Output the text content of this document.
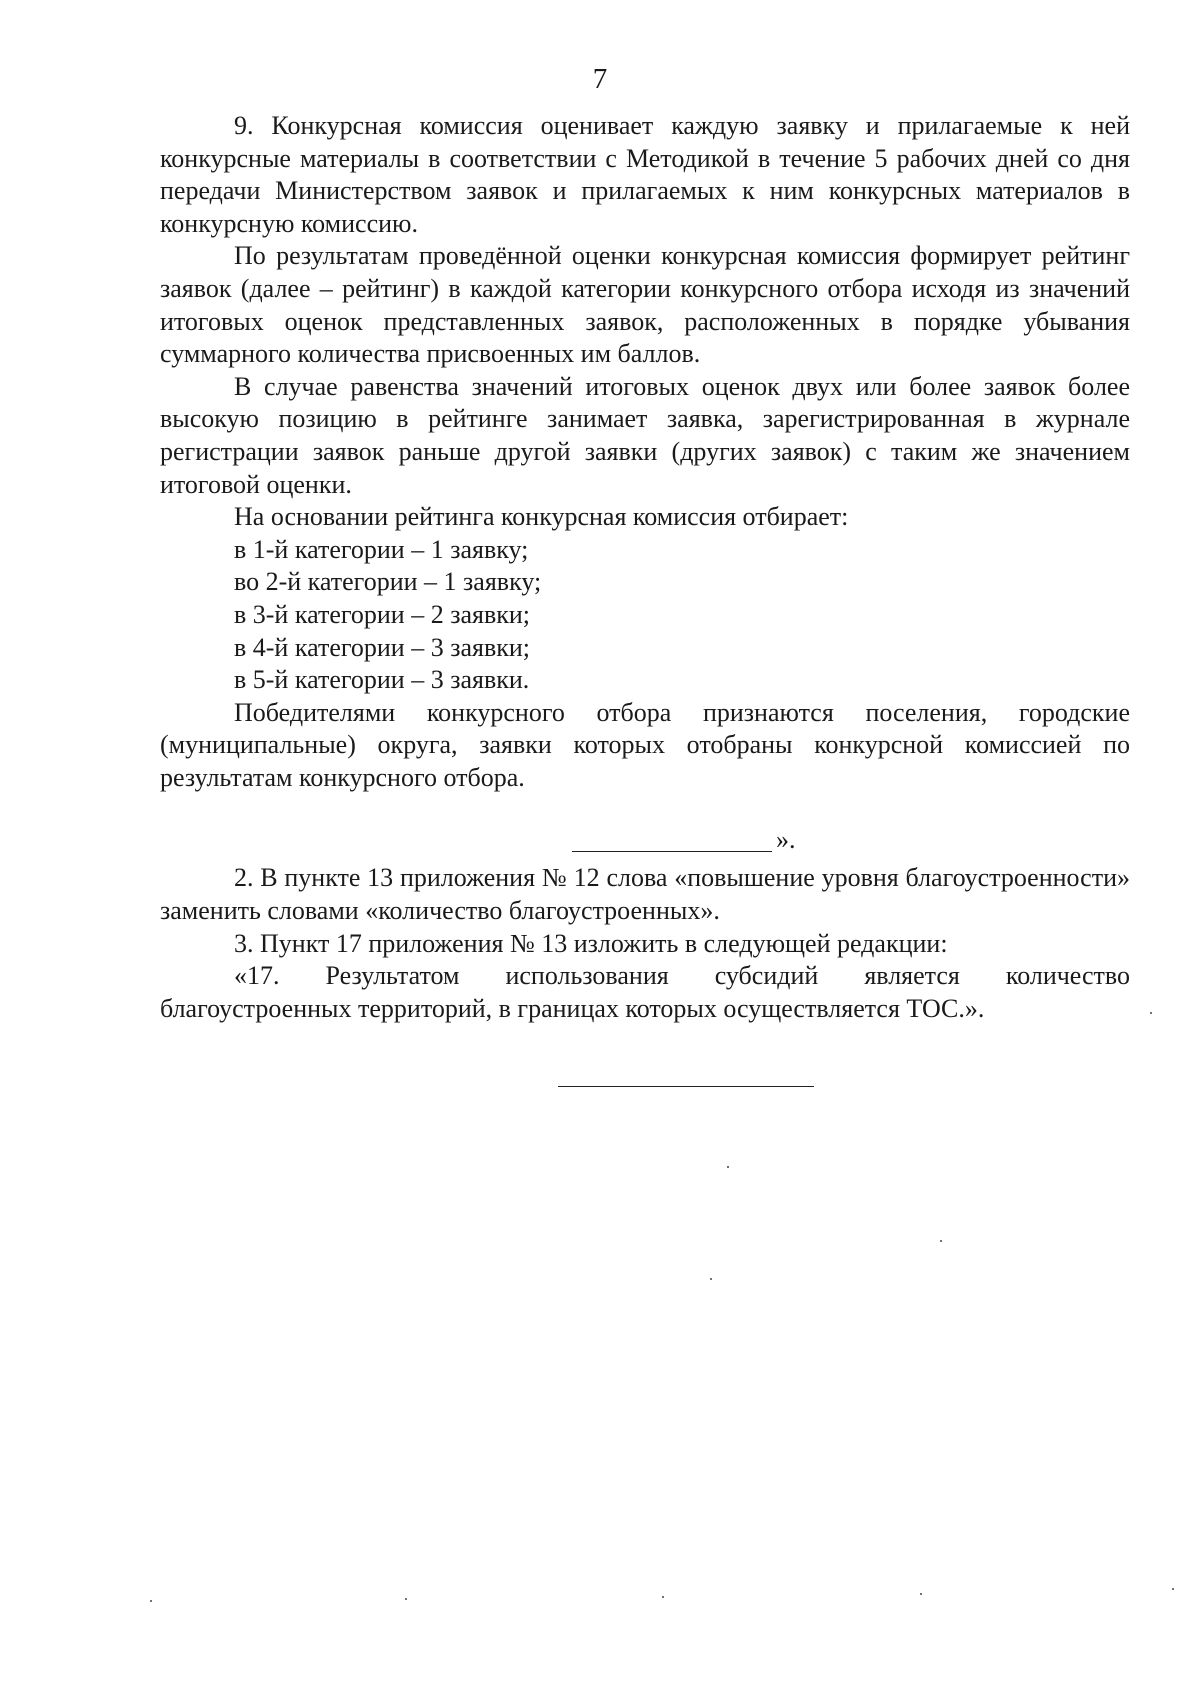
7

9. Конкурсная комиссия оценивает каждую заявку и прилагаемые к ней конкурсные материалы в соответствии с Методикой в течение 5 рабочих дней со дня передачи Министерством заявок и прилагаемых к ним конкурсных материалов в конкурсную комиссию.

По результатам проведённой оценки конкурсная комиссия формирует рейтинг заявок (далее – рейтинг) в каждой категории конкурсного отбора исходя из значений итоговых оценок представленных заявок, расположенных в порядке убывания суммарного количества присвоенных им баллов.

В случае равенства значений итоговых оценок двух или более заявок более высокую позицию в рейтинге занимает заявка, зарегистрированная в журнале регистрации заявок раньше другой заявки (других заявок) с таким же значением итоговой оценки.

На основании рейтинга конкурсная комиссия отбирает:

в 1-й категории – 1 заявку;

во 2-й категории – 1 заявку;

в 3-й категории – 2 заявки;

в 4-й категории – 3 заявки;

в 5-й категории – 3 заявки.

Победителями конкурсного отбора признаются поселения, городские (муниципальные) округа, заявки которых отобраны конкурсной комиссией по результатам конкурсного отбора.

».

2. В пункте 13 приложения № 12 слова «повышение уровня благоустроенности» заменить словами «количество благоустроенных».

3. Пункт 17 приложения № 13 изложить в следующей редакции:

«17. Результатом использования субсидий является количество благоустроенных территорий, в границах которых осуществляется ТОС.».
